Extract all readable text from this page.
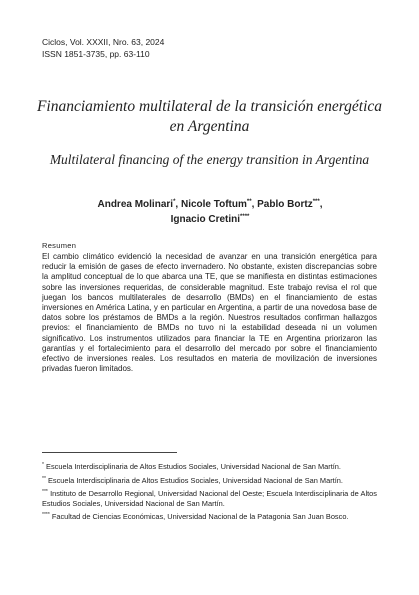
Ciclos, Vol. XXXII, Nro. 63, 2024
ISSN 1851-3735, pp. 63-110
Financiamiento multilateral de la transición energética en Argentina
Multilateral financing of the energy transition in Argentina
Andrea Molinari*, Nicole Toftum**, Pablo Bortz***,
Ignacio Cretini****
Resumen

El cambio climático evidenció la necesidad de avanzar en una transición energética para reducir la emisión de gases de efecto invernadero. No obstante, existen discrepancias sobre la amplitud conceptual de lo que abarca una TE, que se manifiesta en distintas estimaciones sobre las inversiones requeridas, de considerable magnitud. Este trabajo revisa el rol que juegan los bancos multilaterales de desarrollo (BMDs) en el financiamiento de estas inversiones en América Latina, y en particular en Argentina, a partir de una novedosa base de datos sobre los préstamos de BMDs a la región. Nuestros resultados confirman hallazgos previos: el financiamiento de BMDs no tuvo ni la estabilidad deseada ni un volumen significativo. Los instrumentos utilizados para financiar la TE en Argentina priorizaron las garantías y el fortalecimiento para el desarrollo del mercado por sobre el financiamiento efectivo de inversiones reales. Los resultados en materia de movilización de inversiones privadas fueron limitados.

* Escuela Interdisciplinaria de Altos Estudios Sociales, Universidad Nacional de San Martín.

** Escuela Interdisciplinaria de Altos Estudios Sociales, Universidad Nacional de San Martín.

*** Instituto de Desarrollo Regional, Universidad Nacional del Oeste; Escuela Interdisciplinaria de Altos Estudios Sociales, Universidad Nacional de San Martín.

**** Facultad de Ciencias Económicas, Universidad Nacional de la Patagonia San Juan Bosco.
